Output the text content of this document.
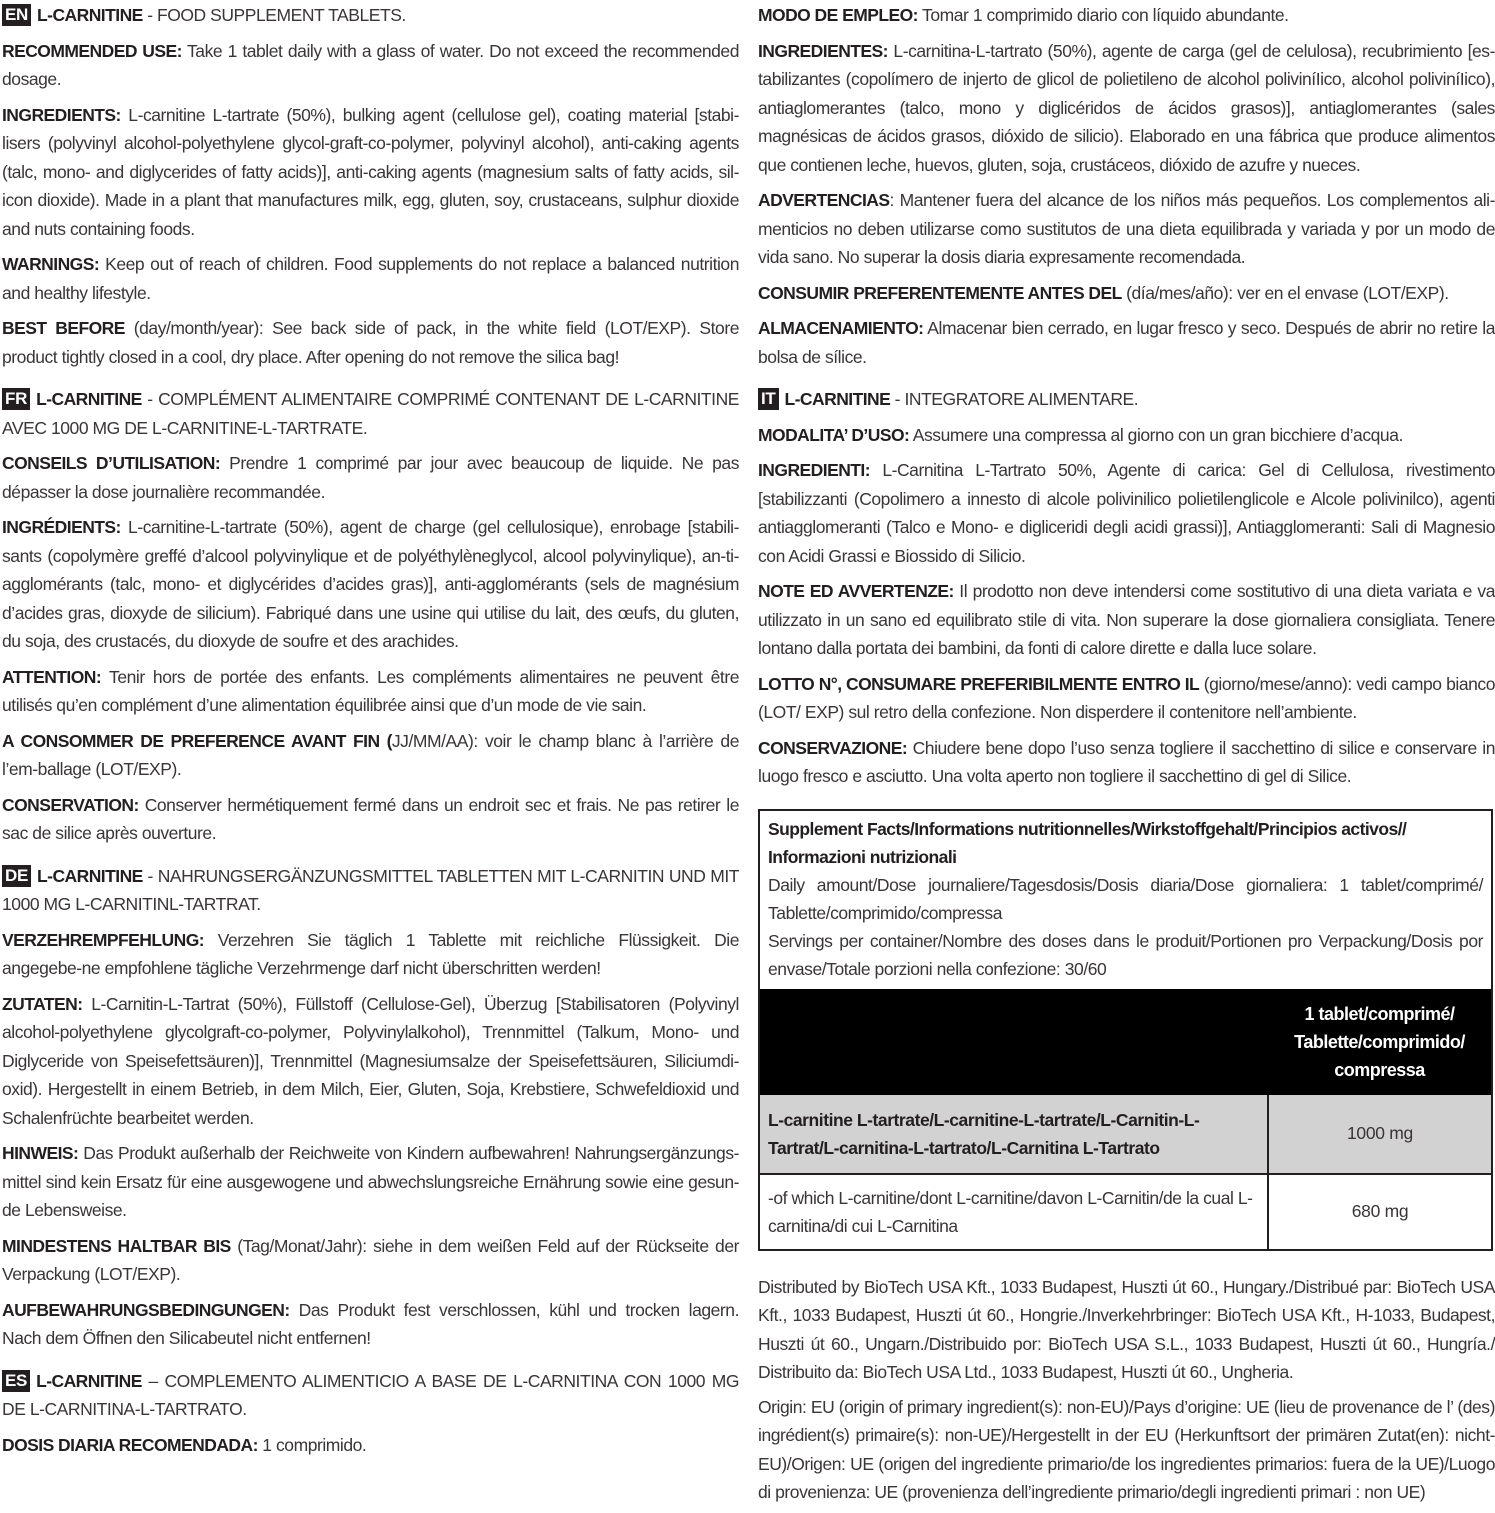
EN L-CARNITINE - FOOD SUPPLEMENT TABLETS.

RECOMMENDED USE: Take 1 tablet daily with a glass of water. Do not exceed the recommended dosage.

INGREDIENTS: L-carnitine L-tartrate (50%), bulking agent (cellulose gel), coating material [stabi-lisers (polyvinyl alcohol-polyethylene glycol-graft-co-polymer, polyvinyl alcohol), anti-caking agents (talc, mono- and diglycerides of fatty acids)], anti-caking agents (magnesium salts of fatty acids, sil-icon dioxide). Made in a plant that manufactures milk, egg, gluten, soy, crustaceans, sulphur dioxide and nuts containing foods.

WARNINGS: Keep out of reach of children. Food supplements do not replace a balanced nutrition and healthy lifestyle.

BEST BEFORE (day/month/year): See back side of pack, in the white field (LOT/EXP). Store product tightly closed in a cool, dry place. After opening do not remove the silica bag!

FR L-CARNITINE - COMPLÉMENT ALIMENTAIRE COMPRIMÉ CONTENANT DE L-CARNITINE AVEC 1000 MG DE L-CARNITINE-L-TARTRATE.

CONSEILS D’UTILISATION: Prendre 1 comprimé par jour avec beaucoup de liquide. Ne pas dépasser la dose journalière recommandée.

INGRÉDIENTS: L-carnitine-L-tartrate (50%), agent de charge (gel cellulosique), enrobage [stabili-sants (copolymère greffé d’alcool polyvinylique et de polyéthylèneglycol, alcool polyvinylique), an-ti-agglomérants (talc, mono- et diglycérides d’acides gras)], anti-agglomérants (sels de magnésium d’acides gras, dioxyde de silicium). Fabriqué dans une usine qui utilise du lait, des œufs, du gluten, du soja, des crustacés, du dioxyde de soufre et des arachides.

ATTENTION: Tenir hors de portée des enfants. Les compléments alimentaires ne peuvent être utilisés qu’en complément d’une alimentation équilibrée ainsi que d’un mode de vie sain.

A CONSOMMER DE PREFERENCE AVANT FIN (JJ/MM/AA): voir le champ blanc à l’arrière de l’em-ballage (LOT/EXP).

CONSERVATION: Conserver hermétiquement fermé dans un endroit sec et frais. Ne pas retirer le sac de silice après ouverture.

DE L-CARNITINE - NAHRUNGSERGÄNZUNGSMITTEL TABLETTEN MIT L-CARNITIN UND MIT 1000 MG L-CARNITINL-TARTRAT.

VERZEHREMPFEHLUNG: Verzehren Sie täglich 1 Tablette mit reichliche Flüssigkeit. Die angegebe-ne empfohlene tägliche Verzehrmenge darf nicht überschritten werden!

ZUTATEN: L-Carnitin-L-Tartrat (50%), Füllstoff (Cellulose-Gel), Überzug [Stabilisatoren (Polyvinyl alcohol-polyethylene glycolgraft-co-polymer, Polyvinylalkohol), Trennmittel (Talkum, Mono- und Diglyceride von Speisefettsäuren)], Trennmittel (Magnesiumsalze der Speisefettsäuren, Siliciumdi-oxid). Hergestellt in einem Betrieb, in dem Milch, Eier, Gluten, Soja, Krebstiere, Schwefeldioxid und Schalenfrüchte bearbeitet werden.

HINWEIS: Das Produkt außerhalb der Reichweite von Kindern aufbewahren! Nahrungsergänzungs-mittel sind kein Ersatz für eine ausgewogene und abwechslungsreiche Ernährung sowie eine gesun-de Lebensweise.

MINDESTENS HALTBAR BIS (Tag/Monat/Jahr): siehe in dem weißen Feld auf der Rückseite der Verpackung (LOT/EXP).

AUFBEWAHRUNGSBEDINGUNGEN: Das Produkt fest verschlossen, kühl und trocken lagern. Nach dem Öffnen den Silicabeutel nicht entfernen!

ES L-CARNITINE – COMPLEMENTO ALIMENTICIO A BASE DE L-CARNITINA CON 1000 MG DE L-CARNITINA-L-TARTRATO.

DOSIS DIARIA RECOMENDADA: 1 comprimido.

MODO DE EMPLEO: Tomar 1 comprimido diario con líquido abundante.

INGREDIENTES: L-carnitina-L-tartrato (50%), agente de carga (gel de celulosa), recubrimiento [es-tabilizantes (copolímero de injerto de glicol de polietileno de alcohol poliviníIico, alcohol poliviníIico), antiaglomerantes (talco, mono y diglicéridos de ácidos grasos)], antiaglomerantes (sales magnésicas de ácidos grasos, dióxido de silicio). Elaborado en una fábrica que produce alimentos que contienen leche, huevos, gluten, soja, crustáceos, dióxido de azufre y nueces.

ADVERTENCIAS: Mantener fuera del alcance de los niños más pequeños. Los complementos ali-menticios no deben utilizarse como sustitutos de una dieta equilibrada y variada y por un modo de vida sano. No superar la dosis diaria expresamente recomendada.

CONSUMIR PREFERENTEMENTE ANTES DEL (día/mes/año): ver en el envase (LOT/EXP).

ALMACENAMIENTO: Almacenar bien cerrado, en lugar fresco y seco. Después de abrir no retire la bolsa de sílice.

IT L-CARNITINE - INTEGRATORE ALIMENTARE.

MODALITA’ D’USO: Assumere una compressa al giorno con un gran bicchiere d’acqua.

INGREDIENTI: L-Carnitina L-Tartrato 50%, Agente di carica: Gel di Cellulosa, rivestimento [stabilizzanti (Copolimero a innesto di alcole polivinilico polietilenglicole e Alcole polivinilco), agenti antiagglomeranti (Talco e Mono- e digliceridi degli acidi grassi)], Antiagglomeranti: Sali di Magnesio con Acidi Grassi e Biossido di Silicio.

NOTE ED AVVERTENZE: Il prodotto non deve intendersi come sostitutivo di una dieta variata e va utilizzato in un sano ed equilibrato stile di vita. Non superare la dose giornaliera consigliata. Tenere lontano dalla portata dei bambini, da fonti di calore dirette e dalla luce solare.

LOTTO N°, CONSUMARE PREFERIBILMENTE ENTRO IL (giorno/mese/anno): vedi campo bianco (LOT/ EXP) sul retro della confezione. Non disperdere il contenitore nell’ambiente.

CONSERVAZIONE: Chiudere bene dopo l’uso senza togliere il sacchettino di silice e conservare in luogo fresco e asciutto. Una volta aperto non togliere il sacchettino di gel di Silice.

Supplement Facts/Informations nutritionnelles/Wirkstoffgehalt/Principios activos// Informazioni nutrizionali
Daily amount/Dose journaliere/Tagesdosis/Dosis diaria/Dose giornaliera: 1 tablet/comprimé/ Tablette/comprimido/compressa
Servings per container/Nombre des doses dans le produit/Portionen pro Verpackung/Dosis por envase/Totale porzioni nella confezione: 30/60

	1 tablet/comprimé/ Tablette/comprimido/ compressa

L-carnitine L-tartrate/L-carnitine-L-tartrate/L-Carnitin-L-Tartrat/L-carnitina-L-tartrato/L-Carnitina L-Tartrato	1000 mg
-of which L-carnitine/dont L-carnitine/davon L-Carnitin/de la cual L-carnitina/di cui L-Carnitina	680 mg

Distributed by BioTech USA Kft., 1033 Budapest, Huszti út 60., Hungary./Distribué par: BioTech USA Kft., 1033 Budapest, Huszti út 60., Hongrie./Inverkehrbringer: BioTech USA Kft., H-1033, Budapest, Huszti út 60., Ungarn./Distribuido por: BioTech USA S.L., 1033 Budapest, Huszti út 60., Hungría./ Distribuito da: BioTech USA Ltd., 1033 Budapest, Huszti út 60., Ungheria.

Origin: EU (origin of primary ingredient(s): non-EU)/Pays d’origine: UE (lieu de provenance de l’ (des) ingrédient(s) primaire(s): non-UE)/Hergestellt in der EU (Herkunftsort der primären Zutat(en): nicht-EU)/Origen: UE (origen del ingrediente primario/de los ingredientes primarios: fuera de la UE)/Luogo di provenienza: UE (provenienza dell’ingrediente primario/degli ingredienti primari : non UE)
